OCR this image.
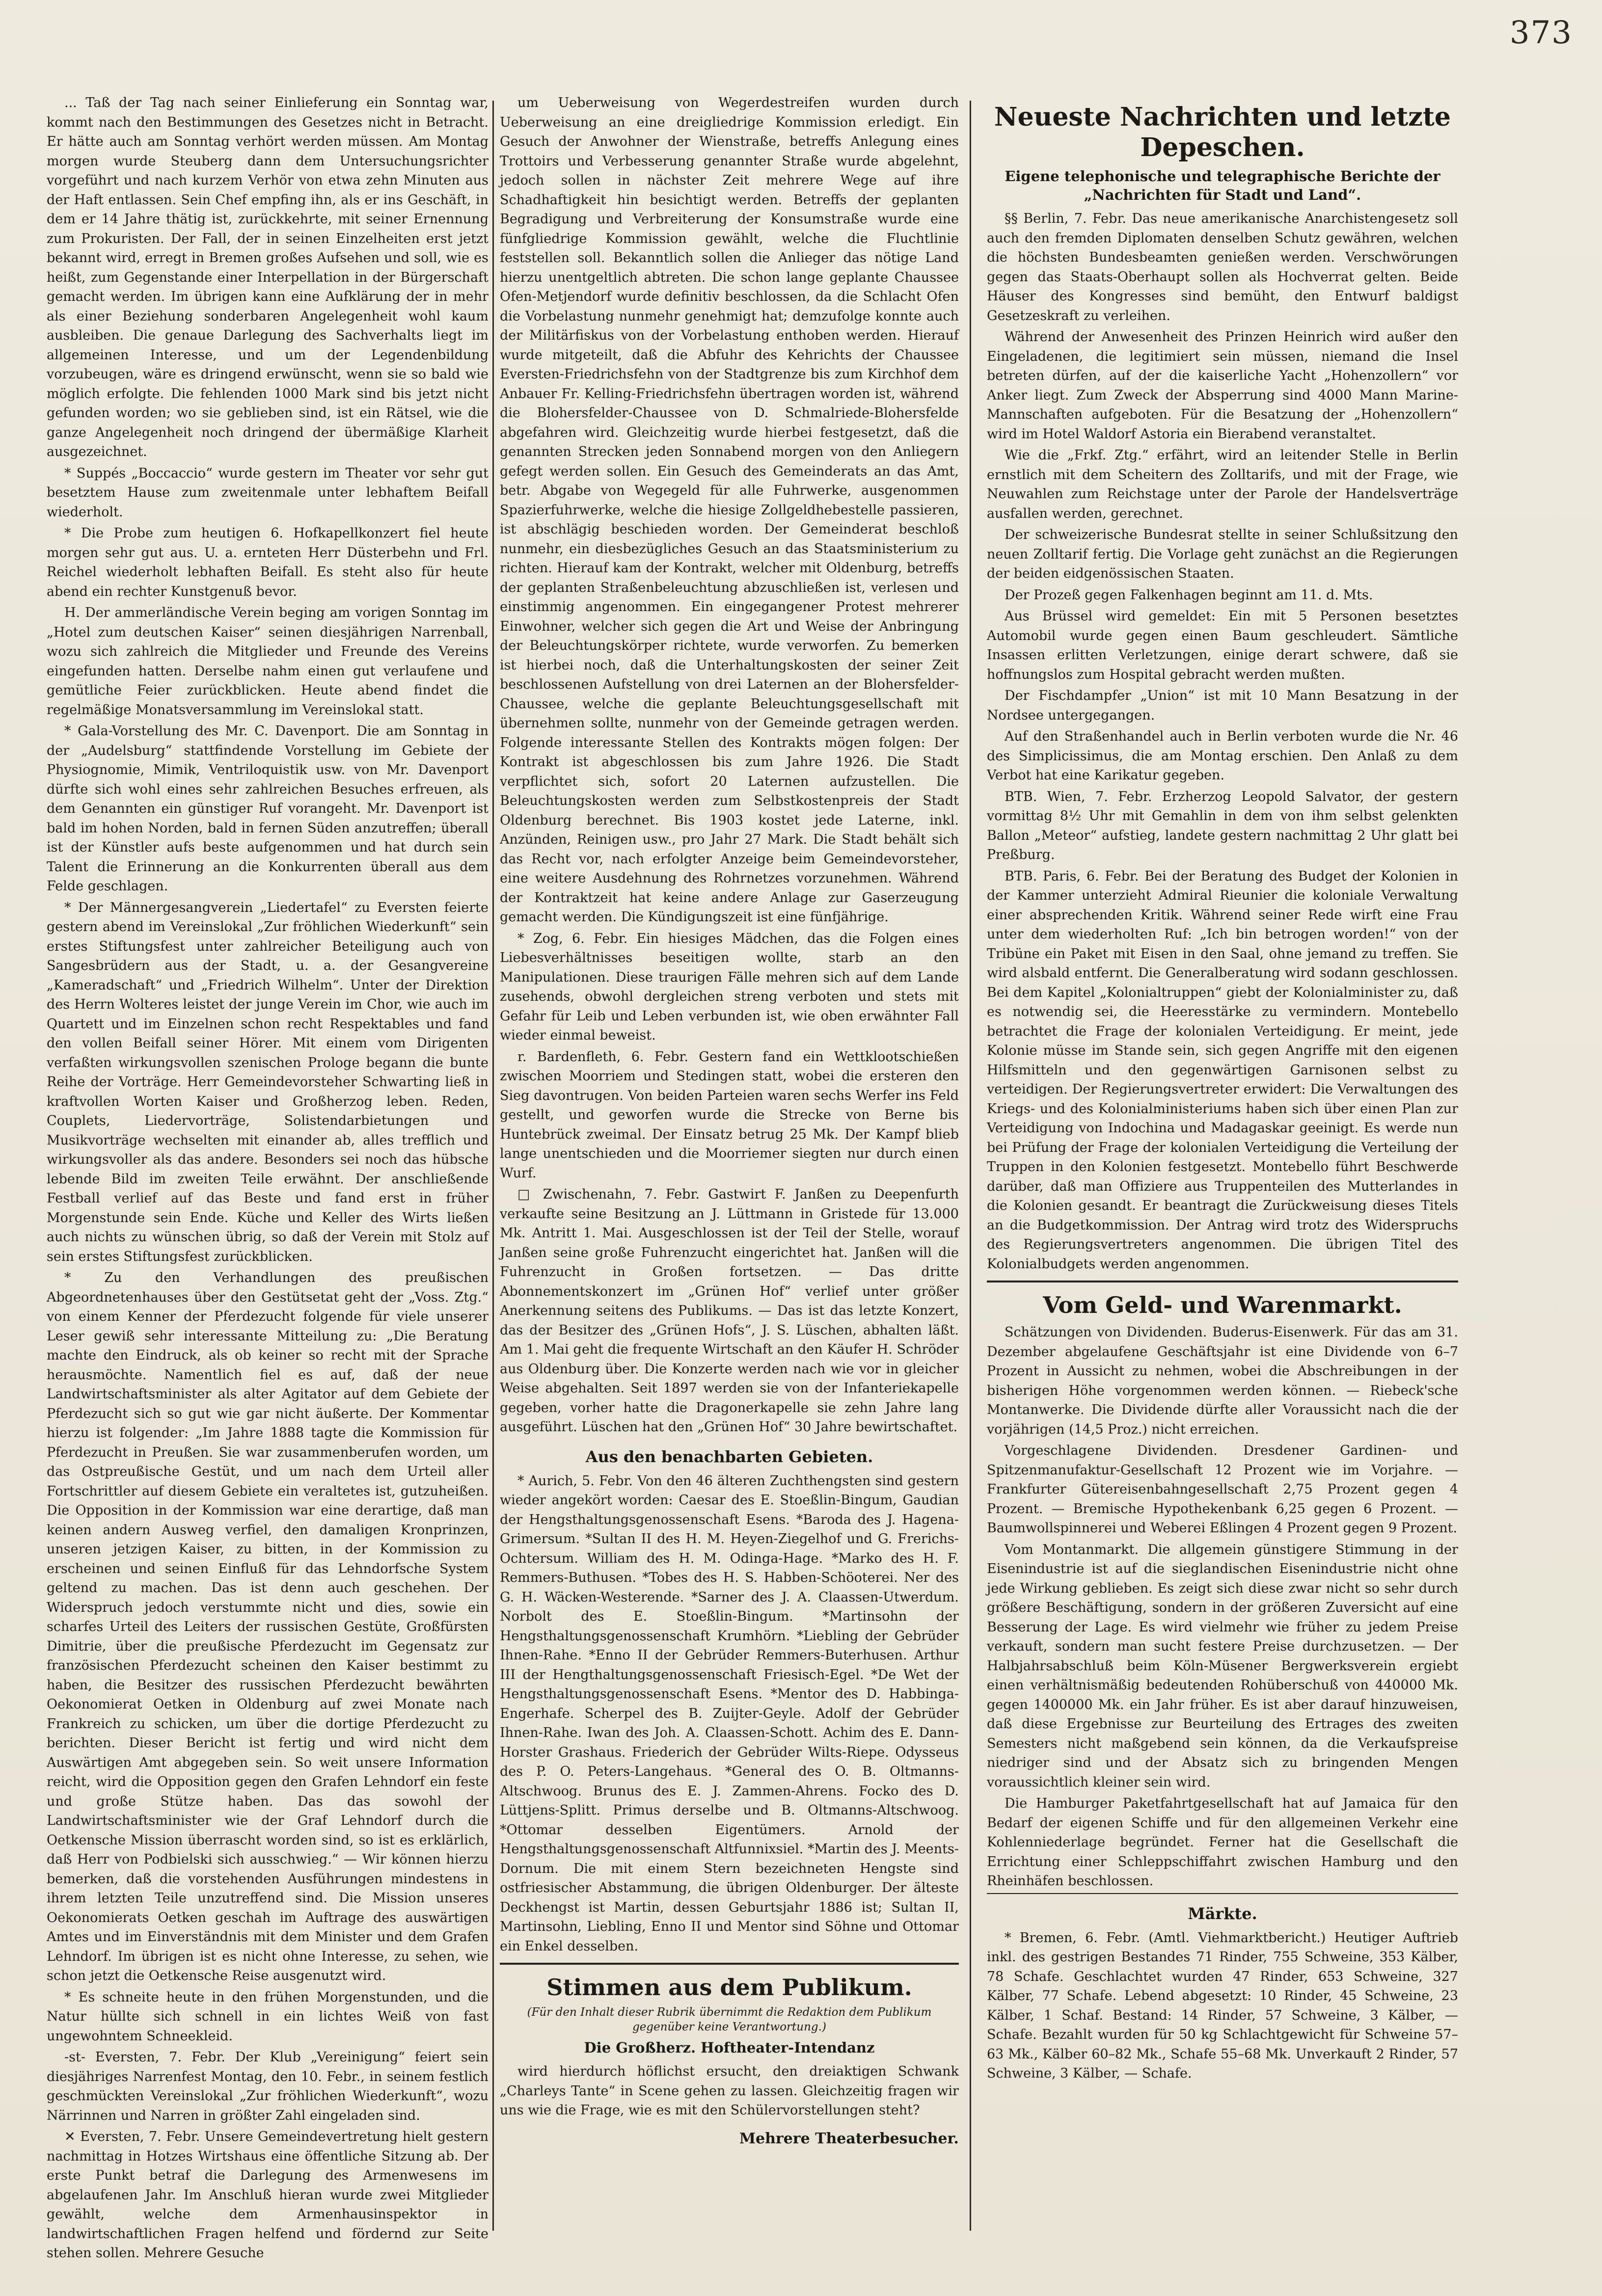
373

... Taß der Tag nach seiner Einlieferung ein Sonntag war, kommt nach den Bestimmungen des Gesetzes nicht in Betracht. Er hätte auch am Sonntag verhört werden müssen. Am Montag morgen wurde Steuberg dann dem Untersuchungsrichter vorgeführt und nach kurzem Verhör von etwa zehn Minuten aus der Haft entlassen. Sein Chef empfing ihn, als er ins Geschäft, in dem er 14 Jahre thätig ist, zurückkehrte, mit seiner Ernennung zum Prokuristen. Der Fall, der in seinen Einzelheiten erst jetzt bekannt wird, erregt in Bremen großes Aufsehen und soll, wie es heißt, zum Gegenstande einer Interpellation in der Bürgerschaft gemacht werden. Im übrigen kann eine Aufklärung der in mehr als einer Beziehung sonderbaren Angelegenheit wohl kaum ausbleiben. Die genaue Darlegung des Sachverhalts liegt im allgemeinen Interesse, und um der Legendenbildung vorzubeugen, wäre es dringend erwünscht, wenn sie so bald wie möglich erfolgte. Die fehlenden 1000 Mark sind bis jetzt nicht gefunden worden; wo sie geblieben sind, ist ein Rätsel, wie die ganze Angelegenheit noch dringend der übermäßige Klarheit ausgezeichnet.

* Suppés „Boccaccio“ wurde gestern im Theater vor sehr gut besetztem Hause zum zweitenmale unter lebhaftem Beifall wiederholt.

* Die Probe zum heutigen 6. Hofkapellkonzert fiel heute morgen sehr gut aus. U. a. ernteten Herr Düsterbehn und Frl. Reichel wiederholt lebhaften Beifall. Es steht also für heute abend ein rechter Kunstgenuß bevor.

H. Der ammerländische Verein beging am vorigen Sonntag im „Hotel zum deutschen Kaiser“ seinen diesjährigen Narrenball, wozu sich zahlreich die Mitglieder und Freunde des Vereins eingefunden hatten. Derselbe nahm einen gut verlaufene und gemütliche Feier zurückblicken. Heute abend findet die regelmäßige Monatsversammlung im Vereinslokal statt.

* Gala-Vorstellung des Mr. C. Davenport. Die am Sonntag in der „Audelsburg“ stattfindende Vorstellung im Gebiete der Physiognomie, Mimik, Ventriloquistik usw. von Mr. Davenport dürfte sich wohl eines sehr zahlreichen Besuches erfreuen, als dem Genannten ein günstiger Ruf vorangeht. Mr. Davenport ist bald im hohen Norden, bald in fernen Süden anzutreffen; überall ist der Künstler aufs beste aufgenommen und hat durch sein Talent die Erinnerung an die Konkurrenten überall aus dem Felde geschlagen.

* Der Männergesangverein „Liedertafel“ zu Eversten feierte gestern abend im Vereinslokal „Zur fröhlichen Wiederkunft“ sein erstes Stiftungsfest unter zahlreicher Beteiligung auch von Sangesbrüdern aus der Stadt, u. a. der Gesangvereine „Kameradschaft“ und „Friedrich Wilhelm“. Unter der Direktion des Herrn Wolteres leistet der junge Verein im Chor, wie auch im Quartett und im Einzelnen schon recht Respektables und fand den vollen Beifall seiner Hörer. Mit einem vom Dirigenten verfaßten wirkungsvollen szenischen Prologe begann die bunte Reihe der Vorträge. Herr Gemeindevorsteher Schwarting ließ in kraftvollen Worten Kaiser und Großherzog leben. Reden, Couplets, Liedervorträge, Solistendarbietungen und Musikvorträge wechselten mit einander ab, alles trefflich und wirkungsvoller als das andere. Besonders sei noch das hübsche lebende Bild im zweiten Teile erwähnt. Der anschließende Festball verlief auf das Beste und fand erst in früher Morgenstunde sein Ende. Küche und Keller des Wirts ließen auch nichts zu wünschen übrig, so daß der Verein mit Stolz auf sein erstes Stiftungsfest zurückblicken.

* Zu den Verhandlungen des preußischen Abgeordnetenhauses über den Gestütsetat geht der „Voss. Ztg.“ von einem Kenner der Pferdezucht folgende für viele unserer Leser gewiß sehr interessante Mitteilung zu: „Die Beratung machte den Eindruck, als ob keiner so recht mit der Sprache herausmöchte. Namentlich fiel es auf, daß der neue Landwirtschaftsminister als alter Agitator auf dem Gebiete der Pferdezucht sich so gut wie gar nicht äußerte. Der Kommentar hierzu ist folgender: „Im Jahre 1888 tagte die Kommission für Pferdezucht in Preußen. Sie war zusammenberufen worden, um das Ostpreußische Gestüt, und um nach dem Urteil aller Fortschrittler auf diesem Gebiete ein veraltetes ist, gutzuheißen. Die Opposition in der Kommission war eine derartige, daß man keinen andern Ausweg verfiel, den damaligen Kronprinzen, unseren jetzigen Kaiser, zu bitten, in der Kommission zu erscheinen und seinen Einfluß für das Lehndorfsche System geltend zu machen. Das ist denn auch geschehen. Der Widerspruch jedoch verstummte nicht und dies, sowie ein scharfes Urteil des Leiters der russischen Gestüte, Großfürsten Dimitrie, über die preußische Pferdezucht im Gegensatz zur französischen Pferdezucht scheinen den Kaiser bestimmt zu haben, die Besitzer des russischen Pferdezucht bewährten Oekonomierat Oetken in Oldenburg auf zwei Monate nach Frankreich zu schicken, um über die dortige Pferdezucht zu berichten. Dieser Bericht ist fertig und wird nicht dem Auswärtigen Amt abgegeben sein. So weit unsere Information reicht, wird die Opposition gegen den Grafen Lehndorf ein feste und große Stütze haben. Das das sowohl der Landwirtschaftsminister wie der Graf Lehndorf durch die Oetkensche Mission überrascht worden sind, so ist es erklärlich, daß Herr von Podbielski sich ausschwieg.“ — Wir können hierzu bemerken, daß die vorstehenden Ausführungen mindestens in ihrem letzten Teile unzutreffend sind. Die Mission unseres Oekonomierats Oetken geschah im Auftrage des auswärtigen Amtes und im Einverständnis mit dem Minister und dem Grafen Lehndorf. Im übrigen ist es nicht ohne Interesse, zu sehen, wie schon jetzt die Oetkensche Reise ausgenutzt wird.

* Es schneite heute in den frühen Morgenstunden, und die Natur hüllte sich schnell in ein lichtes Weiß von fast ungewohntem Schneekleid.

-st- Eversten, 7. Febr. Der Klub „Vereinigung“ feiert sein diesjähriges Narrenfest Montag, den 10. Febr., in seinem festlich geschmückten Vereinslokal „Zur fröhlichen Wiederkunft“, wozu Närrinnen und Narren in größter Zahl eingeladen sind.

✕ Eversten, 7. Febr. Unsere Gemeindevertretung hielt gestern nachmittag in Hotzes Wirtshaus eine öffentliche Sitzung ab. Der erste Punkt betraf die Darlegung des Armenwesens im abgelaufenen Jahr. Im Anschluß hieran wurde zwei Mitglieder gewählt, welche dem Armenhausinspektor in landwirtschaftlichen Fragen helfend und fördernd zur Seite stehen sollen. Mehrere Gesuche

um Ueberweisung von Wegerdestreifen wurden durch Ueberweisung an eine dreigliedrige Kommission erledigt. Ein Gesuch der Anwohner der Wienstraße, betreffs Anlegung eines Trottoirs und Verbesserung genannter Straße wurde abgelehnt, jedoch sollen in nächster Zeit mehrere Wege auf ihre Schadhaftigkeit hin besichtigt werden. Betreffs der geplanten Begradigung und Verbreiterung der Konsumstraße wurde eine fünfgliedrige Kommission gewählt, welche die Fluchtlinie feststellen soll. Bekanntlich sollen die Anlieger das nötige Land hierzu unentgeltlich abtreten. Die schon lange geplante Chaussee Ofen-Metjendorf wurde definitiv beschlossen, da die Schlacht Ofen die Vorbelastung nunmehr genehmigt hat; demzufolge konnte auch der Militärfiskus von der Vorbelastung enthoben werden. Hierauf wurde mitgeteilt, daß die Abfuhr des Kehrichts der Chaussee Eversten-Friedrichsfehn von der Stadtgrenze bis zum Kirchhof dem Anbauer Fr. Kelling-Friedrichsfehn übertragen worden ist, während die Blohersfelder-Chaussee von D. Schmalriede-Blohersfelde abgefahren wird. Gleichzeitig wurde hierbei festgesetzt, daß die genannten Strecken jeden Sonnabend morgen von den Anliegern gefegt werden sollen. Ein Gesuch des Gemeinderats an das Amt, betr. Abgabe von Wegegeld für alle Fuhrwerke, ausgenommen Spazierfuhrwerke, welche die hiesige Zollgeldhebestelle passieren, ist abschlägig beschieden worden. Der Gemeinderat beschloß nunmehr, ein diesbezügliches Gesuch an das Staatsministerium zu richten. Hierauf kam der Kontrakt, welcher mit Oldenburg, betreffs der geplanten Straßenbeleuchtung abzuschließen ist, verlesen und einstimmig angenommen. Ein eingegangener Protest mehrerer Einwohner, welcher sich gegen die Art und Weise der Anbringung der Beleuchtungskörper richtete, wurde verworfen. Zu bemerken ist hierbei noch, daß die Unterhaltungskosten der seiner Zeit beschlossenen Aufstellung von drei Laternen an der Blohersfelder-Chaussee, welche die geplante Beleuchtungsgesellschaft mit übernehmen sollte, nunmehr von der Gemeinde getragen werden. Folgende interessante Stellen des Kontrakts mögen folgen: Der Kontrakt ist abgeschlossen bis zum Jahre 1926. Die Stadt verpflichtet sich, sofort 20 Laternen aufzustellen. Die Beleuchtungskosten werden zum Selbstkostenpreis der Stadt Oldenburg berechnet. Bis 1903 kostet jede Laterne, inkl. Anzünden, Reinigen usw., pro Jahr 27 Mark. Die Stadt behält sich das Recht vor, nach erfolgter Anzeige beim Gemeindevorsteher, eine weitere Ausdehnung des Rohrnetzes vorzunehmen. Während der Kontraktzeit hat keine andere Anlage zur Gaserzeugung gemacht werden. Die Kündigungszeit ist eine fünfjährige.

* Zog, 6. Febr. Ein hiesiges Mädchen, das die Folgen eines Liebesverhältnisses beseitigen wollte, starb an den Manipulationen. Diese traurigen Fälle mehren sich auf dem Lande zusehends, obwohl dergleichen streng verboten und stets mit Gefahr für Leib und Leben verbunden ist, wie oben erwähnter Fall wieder einmal beweist.

r. Bardenfleth, 6. Febr. Gestern fand ein Wettklootschießen zwischen Moorriem und Stedingen statt, wobei die ersteren den Sieg davontrugen. Von beiden Parteien waren sechs Werfer ins Feld gestellt, und geworfen wurde die Strecke von Berne bis Huntebrück zweimal. Der Einsatz betrug 25 Mk. Der Kampf blieb lange unentschieden und die Moorriemer siegten nur durch einen Wurf.

□ Zwischenahn, 7. Febr. Gastwirt F. Janßen zu Deepenfurth verkaufte seine Besitzung an J. Lüttmann in Gristede für 13.000 Mk. Antritt 1. Mai. Ausgeschlossen ist der Teil der Stelle, worauf Janßen seine große Fuhrenzucht eingerichtet hat. Janßen will die Fuhrenzucht in Großen fortsetzen. — Das dritte Abonnementskonzert im „Grünen Hof“ verlief unter größer Anerkennung seitens des Publikums. — Das ist das letzte Konzert, das der Besitzer des „Grünen Hofs“, J. S. Lüschen, abhalten läßt. Am 1. Mai geht die frequente Wirtschaft an den Käufer H. Schröder aus Oldenburg über. Die Konzerte werden nach wie vor in gleicher Weise abgehalten. Seit 1897 werden sie von der Infanteriekapelle gegeben, vorher hatte die Dragonerkapelle sie zehn Jahre lang ausgeführt. Lüschen hat den „Grünen Hof“ 30 Jahre bewirtschaftet.

Aus den benachbarten Gebieten.

* Aurich, 5. Febr. Von den 46 älteren Zuchthengsten sind gestern wieder angekört worden: Caesar des E. Stoeßlin-Bingum, Gaudian der Hengsthaltungsgenossenschaft Esens. *Baroda des J. Hagena-Grimersum. *Sultan II des H. M. Heyen-Ziegelhof und G. Frerichs-Ochtersum. William des H. M. Odinga-Hage. *Marko des H. F. Remmers-Buthusen. *Tobes des H. S. Habben-Schöoterei. Ner des G. H. Wäcken-Westerende. *Sarner des J. A. Claassen-Utwerdum. Norbolt des E. Stoeßlin-Bingum. *Martinsohn der Hengsthaltungsgenossenschaft Krumhörn. *Liebling der Gebrüder Ihnen-Rahe. *Enno II der Gebrüder Remmers-Buterhusen. Arthur III der Hengthaltungsgenossenschaft Friesisch-Egel. *De Wet der Hengsthaltungsgenossenschaft Esens. *Mentor des D. Habbinga-Engerhafe. Scherpel des B. Zuijter-Geyle. Adolf der Gebrüder Ihnen-Rahe. Iwan des Joh. A. Claassen-Schott. Achim des E. Dann-Horster Grashaus. Friederich der Gebrüder Wilts-Riepe. Odysseus des P. O. Peters-Langehaus. *General des O. B. Oltmanns-Altschwoog. Brunus des E. J. Zammen-Ahrens. Focko des D. Lüttjens-Splitt. Primus derselbe und B. Oltmanns-Altschwoog. *Ottomar desselben Eigentümers. Arnold der Hengsthaltungsgenossenschaft Altfunnixsiel. *Martin des J. Meents-Dornum. Die mit einem Stern bezeichneten Hengste sind ostfriesischer Abstammung, die übrigen Oldenburger. Der älteste Deckhengst ist Martin, dessen Geburtsjahr 1886 ist; Sultan II, Martinsohn, Liebling, Enno II und Mentor sind Söhne und Ottomar ein Enkel desselben.

Stimmen aus dem Publikum.
(Für den Inhalt dieser Rubrik übernimmt die Redaktion dem Publikum gegenüber keine Verantwortung.)
Die Großherz. Hoftheater-Intendanz

wird hierdurch höflichst ersucht, den dreiaktigen Schwank „Charleys Tante“ in Scene gehen zu lassen. Gleichzeitig fragen wir uns wie die Frage, wie es mit den Schülervorstellungen steht?

Mehrere Theaterbesucher.
Neueste Nachrichten und letzte Depeschen.
Eigene telephonische und telegraphische Berichte der „Nachrichten für Stadt und Land“.

§§ Berlin, 7. Febr. Das neue amerikanische Anarchistengesetz soll auch den fremden Diplomaten denselben Schutz gewähren, welchen die höchsten Bundesbeamten genießen werden. Verschwörungen gegen das Staats-Oberhaupt sollen als Hochverrat gelten. Beide Häuser des Kongresses sind bemüht, den Entwurf baldigst Gesetzeskraft zu verleihen.

Während der Anwesenheit des Prinzen Heinrich wird außer den Eingeladenen, die legitimiert sein müssen, niemand die Insel betreten dürfen, auf der die kaiserliche Yacht „Hohenzollern“ vor Anker liegt. Zum Zweck der Absperrung sind 4000 Mann Marine-Mannschaften aufgeboten. Für die Besatzung der „Hohenzollern“ wird im Hotel Waldorf Astoria ein Bierabend veranstaltet.

Wie die „Frkf. Ztg.“ erfährt, wird an leitender Stelle in Berlin ernstlich mit dem Scheitern des Zolltarifs, und mit der Frage, wie Neuwahlen zum Reichstage unter der Parole der Handelsverträge ausfallen werden, gerechnet.

Der schweizerische Bundesrat stellte in seiner Schlußsitzung den neuen Zolltarif fertig. Die Vorlage geht zunächst an die Regierungen der beiden eidgenössischen Staaten.

Der Prozeß gegen Falkenhagen beginnt am 11. d. Mts.

Aus Brüssel wird gemeldet: Ein mit 5 Personen besetztes Automobil wurde gegen einen Baum geschleudert. Sämtliche Insassen erlitten Verletzungen, einige derart schwere, daß sie hoffnungslos zum Hospital gebracht werden mußten.

Der Fischdampfer „Union“ ist mit 10 Mann Besatzung in der Nordsee untergegangen.

Auf den Straßenhandel auch in Berlin verboten wurde die Nr. 46 des Simplicissimus, die am Montag erschien. Den Anlaß zu dem Verbot hat eine Karikatur gegeben.

BTB. Wien, 7. Febr. Erzherzog Leopold Salvator, der gestern vormittag 8½ Uhr mit Gemahlin in dem von ihm selbst gelenkten Ballon „Meteor“ aufstieg, landete gestern nachmittag 2 Uhr glatt bei Preßburg.

BTB. Paris, 6. Febr. Bei der Beratung des Budget der Kolonien in der Kammer unterzieht Admiral Rieunier die koloniale Verwaltung einer absprechenden Kritik. Während seiner Rede wirft eine Frau unter dem wiederholten Ruf: „Ich bin betrogen worden!“ von der Tribüne ein Paket mit Eisen in den Saal, ohne jemand zu treffen. Sie wird alsbald entfernt. Die Generalberatung wird sodann geschlossen. Bei dem Kapitel „Kolonialtruppen“ giebt der Kolonialminister zu, daß es notwendig sei, die Heeresstärke zu vermindern. Montebello betrachtet die Frage der kolonialen Verteidigung. Er meint, jede Kolonie müsse im Stande sein, sich gegen Angriffe mit den eigenen Hilfsmitteln und den gegenwärtigen Garnisonen selbst zu verteidigen. Der Regierungsvertreter erwidert: Die Verwaltungen des Kriegs- und des Kolonialministeriums haben sich über einen Plan zur Verteidigung von Indochina und Madagaskar geeinigt. Es werde nun bei Prüfung der Frage der kolonialen Verteidigung die Verteilung der Truppen in den Kolonien festgesetzt. Montebello führt Beschwerde darüber, daß man Offiziere aus Truppenteilen des Mutterlandes in die Kolonien gesandt. Er beantragt die Zurückweisung dieses Titels an die Budgetkommission. Der Antrag wird trotz des Widerspruchs des Regierungsvertreters angenommen. Die übrigen Titel des Kolonialbudgets werden angenommen.

Vom Geld- und Warenmarkt.

Schätzungen von Dividenden. Buderus-Eisenwerk. Für das am 31. Dezember abgelaufene Geschäftsjahr ist eine Dividende von 6–7 Prozent in Aussicht zu nehmen, wobei die Abschreibungen in der bisherigen Höhe vorgenommen werden können. — Riebeck'sche Montanwerke. Die Dividende dürfte aller Voraussicht nach die der vorjährigen (14,5 Proz.) nicht erreichen.

Vorgeschlagene Dividenden. Dresdener Gardinen- und Spitzenmanufaktur-Gesellschaft 12 Prozent wie im Vorjahre. — Frankfurter Gütereisenbahngesellschaft 2,75 Prozent gegen 4 Prozent. — Bremische Hypothekenbank 6,25 gegen 6 Prozent. — Baumwollspinnerei und Weberei Eßlingen 4 Prozent gegen 9 Prozent.

Vom Montanmarkt. Die allgemein günstigere Stimmung in der Eisenindustrie ist auf die sieglandischen Eisenindustrie nicht ohne jede Wirkung geblieben. Es zeigt sich diese zwar nicht so sehr durch größere Beschäftigung, sondern in der größeren Zuversicht auf eine Besserung der Lage. Es wird vielmehr wie früher zu jedem Preise verkauft, sondern man sucht festere Preise durchzusetzen. — Der Halbjahrsabschluß beim Köln-Müsener Bergwerksverein ergiebt einen verhältnismäßig bedeutenden Rohüberschuß von 440000 Mk. gegen 1400000 Mk. ein Jahr früher. Es ist aber darauf hinzuweisen, daß diese Ergebnisse zur Beurteilung des Ertrages des zweiten Semesters nicht maßgebend sein können, da die Verkaufspreise niedriger sind und der Absatz sich zu bringenden Mengen voraussichtlich kleiner sein wird.

Die Hamburger Paketfahrtgesellschaft hat auf Jamaica für den Bedarf der eigenen Schiffe und für den allgemeinen Verkehr eine Kohlenniederlage begründet. Ferner hat die Gesellschaft die Errichtung einer Schleppschiffahrt zwischen Hamburg und den Rheinhäfen beschlossen.

Märkte.

* Bremen, 6. Febr. (Amtl. Viehmarktbericht.) Heutiger Auftrieb inkl. des gestrigen Bestandes 71 Rinder, 755 Schweine, 353 Kälber, 78 Schafe. Geschlachtet wurden 47 Rinder, 653 Schweine, 327 Kälber, 77 Schafe. Lebend abgesetzt: 10 Rinder, 45 Schweine, 23 Kälber, 1 Schaf. Bestand: 14 Rinder, 57 Schweine, 3 Kälber, — Schafe. Bezahlt wurden für 50 kg Schlachtgewicht für Schweine 57–63 Mk., Kälber 60–82 Mk., Schafe 55–68 Mk. Unverkauft 2 Rinder, 57 Schweine, 3 Kälber, — Schafe.
